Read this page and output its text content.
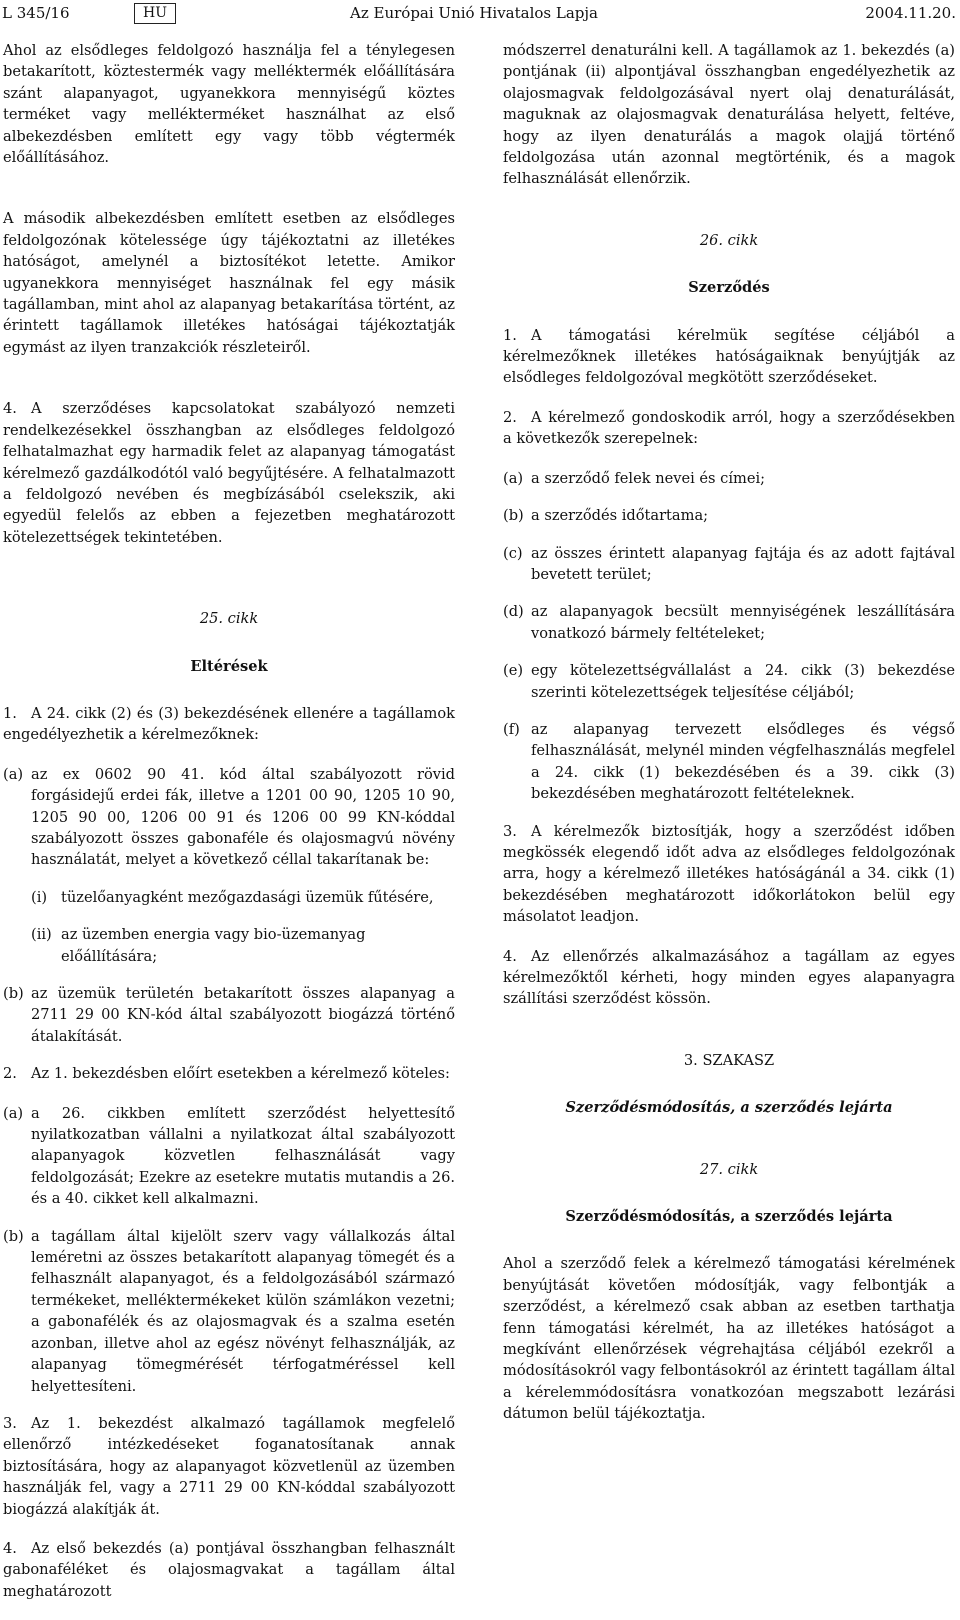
L 345/16	HU	Az Európai Unió Hivatalos Lapja	2004.11.20.

Ahol az elsődleges feldolgozó használja fel a ténylegesen betakarított, köztestermék vagy melléktermék előállítására szánt alapanyagot, ugyanekkora mennyiségű köztes terméket vagy mellékterméket használhat az első albekezdésben említett egy vagy több végtermék előállításához.

A második albekezdésben említett esetben az elsődleges feldolgozónak kötelessége úgy tájékoztatni az illetékes hatóságot, amelynél a biztosítékot letette. Amikor ugyanekkora mennyiséget használnak fel egy másik tagállamban, mint ahol az alapanyag betakarítása történt, az érintett tagállamok illetékes hatóságai tájékoztatják egymást az ilyen tranzakciók részleteiről.

4. A szerződéses kapcsolatokat szabályozó nemzeti rendelkezésekkel összhangban az elsődleges feldolgozó felhatalmazhat egy harmadik felet az alapanyag támogatást kérelmező gazdálkodótól való begyűjtésére. A felhatalmazott a feldolgozó nevében és megbízásából cselekszik, aki egyedül felelős az ebben a fejezetben meghatározott kötelezettségek tekintetében.

25. cikk
Eltérések

1. A 24. cikk (2) és (3) bekezdésének ellenére a tagállamok engedélyezhetik a kérelmezőknek:

(a) az ex 0602 90 41. kód által szabályozott rövid forgásidejű erdei fák, illetve a 1201 00 90, 1205 10 90, 1205 90 00, 1206 00 91 és 1206 00 99 KN-kóddal szabályozott összes gabonaféle és olajosmagvú növény használatát, melyet a következő céllal takarítanak be:
(i) tüzelőanyagként mezőgazdasági üzemük fűtésére,
(ii) az üzemben energia vagy bio-üzemanyag előállítására;
(b) az üzemük területén betakarított összes alapanyag a 2711 29 00 KN-kód által szabályozott biogázzá történő átalakítását.

2. Az 1. bekezdésben előírt esetekben a kérelmező köteles:

(a) a 26. cikkben említett szerződést helyettesítő nyilatkozatban vállalni a nyilatkozat által szabályozott alapanyagok közvetlen felhasználását vagy feldolgozását; Ezekre az esetekre mutatis mutandis a 26. és a 40. cikket kell alkalmazni.
(b) a tagállam által kijelölt szerv vagy vállalkozás által leméretni az összes betakarított alapanyag tömegét és a felhasznált alapanyagot, és a feldolgozásából származó termékeket, melléktermékeket külön számlákon vezetni; a gabonafélék és az olajosmagvak és a szalma esetén azonban, illetve ahol az egész növényt felhasználják, az alapanyag tömegmérését térfogatméréssel kell helyettesíteni.

3. Az 1. bekezdést alkalmazó tagállamok megfelelő ellenőrző intézkedéseket foganatosítanak annak biztosítására, hogy az alapanyagot közvetlenül az üzemben használják fel, vagy a 2711 29 00 KN-kóddal szabályozott biogázzá alakítják át.

4. Az első bekezdés (a) pontjával összhangban felhasznált gabonaféléket és olajosmagvakat a tagállam által meghatározott

módszerrel denaturálni kell. A tagállamok az 1. bekezdés (a) pontjának (ii) alpontjával összhangban engedélyezhetik az olajosmagvak feldolgozásával nyert olaj denaturálását, maguknak az olajosmagvak denaturálása helyett, feltéve, hogy az ilyen denaturálás a magok olajjá történő feldolgozása után azonnal megtörténik, és a magok felhasználását ellenőrzik.

26. cikk
Szerződés

1. A támogatási kérelmük segítése céljából a kérelmezőknek illetékes hatóságaiknak benyújtják az elsődleges feldolgozóval megkötött szerződéseket.

2. A kérelmező gondoskodik arról, hogy a szerződésekben a következők szerepelnek:

(a) a szerződő felek nevei és címei;
(b) a szerződés időtartama;
(c) az összes érintett alapanyag fajtája és az adott fajtával bevetett terület;
(d) az alapanyagok becsült mennyiségének leszállítására vonatkozó bármely feltételeket;
(e) egy kötelezettségvállalást a 24. cikk (3) bekezdése szerinti kötelezettségek teljesítése céljából;
(f) az alapanyag tervezett elsődleges és végső felhasználását, melynél minden végfelhasználás megfelel a 24. cikk (1) bekezdésében és a 39. cikk (3) bekezdésében meghatározott feltételeknek.

3. A kérelmezők biztosítják, hogy a szerződést időben megkössék elegendő időt adva az elsődleges feldolgozónak arra, hogy a kérelmező illetékes hatóságánál a 34. cikk (1) bekezdésében meghatározott időkorlátokon belül egy másolatot leadjon.

4. Az ellenőrzés alkalmazásához a tagállam az egyes kérelmezőktől kérheti, hogy minden egyes alapanyagra szállítási szerződést kössön.

3. SZAKASZ
Szerződésmódosítás, a szerződés lejárta
27. cikk
Szerződésmódosítás, a szerződés lejárta

Ahol a szerződő felek a kérelmező támogatási kérelmének benyújtását követően módosítják, vagy felbontják a szerződést, a kérelmező csak abban az esetben tarthatja fenn támogatási kérelmét, ha az illetékes hatóságot a megkívánt ellenőrzések végrehajtása céljából ezekről a módosításokról vagy felbontásokról az érintett tagállam által a kérelemmódosításra vonatkozóan megszabott lezárási dátumon belül tájékoztatja.
